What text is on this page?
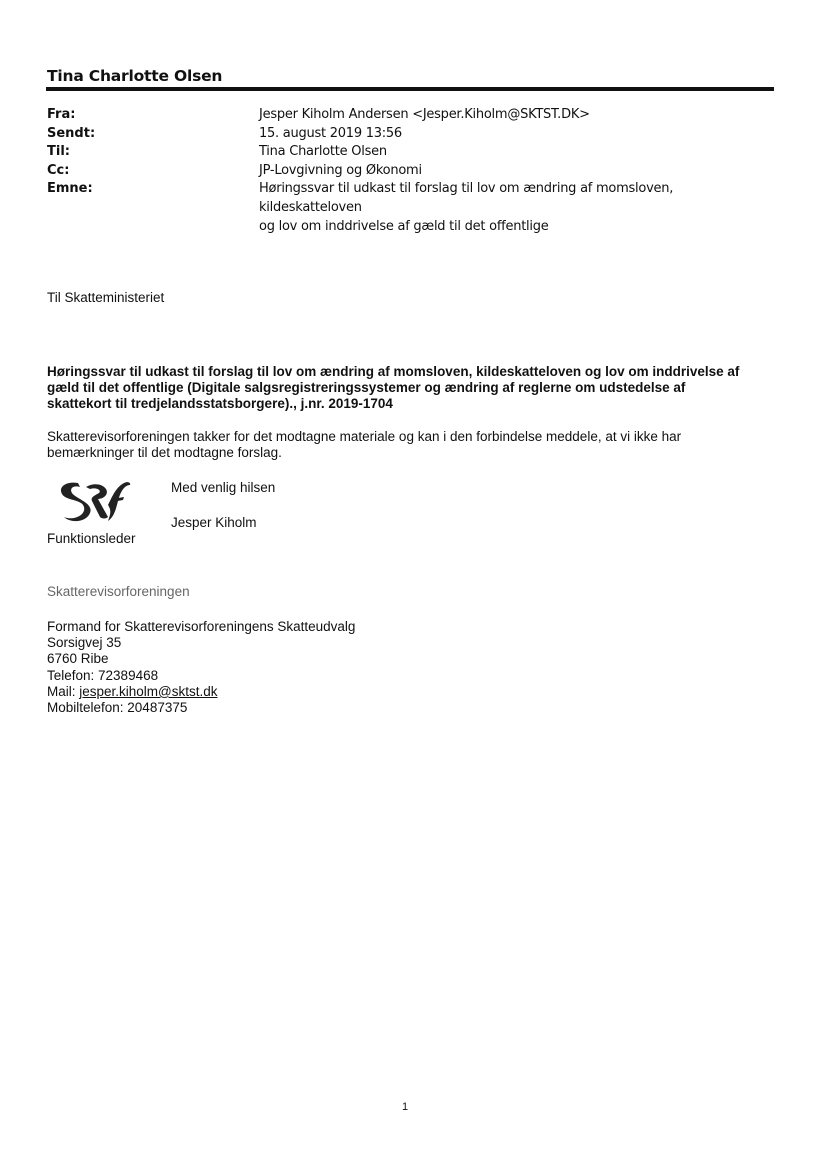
Tina Charlotte Olsen
Fra:	Jesper Kiholm Andersen <Jesper.Kiholm@SKTST.DK>
Sendt:	15. august 2019 13:56
Til:	Tina Charlotte Olsen
Cc:	JP-Lovgivning og Økonomi
Emne:	Høringssvar til udkast til forslag til lov om ændring af momsloven, kildeskatteloven
og lov om inddrivelse af gæld til det offentlige
Til Skatteministeriet
Høringssvar til udkast til forslag til lov om ændring af momsloven, kildeskatteloven og lov om inddrivelse af
gæld til det offentlige (Digitale salgsregistreringssystemer og ændring af reglerne om udstedelse af
skattekort til tredjelandsstatsborgere)., j.nr. 2019-1704
Skatterevisorforeningen takker for det modtagne materiale og kan i den forbindelse meddele, at vi ikke har
bemærkninger til det modtagne forslag.
Med venlig hilsen
Jesper Kiholm
Funktionsleder
Skatterevisorforeningen
Formand for Skatterevisorforeningens Skatteudvalg
Sorsigvej 35
6760 Ribe
Telefon: 72389468
Mail: jesper.kiholm@sktst.dk
Mobiltelefon: 20487375
1
